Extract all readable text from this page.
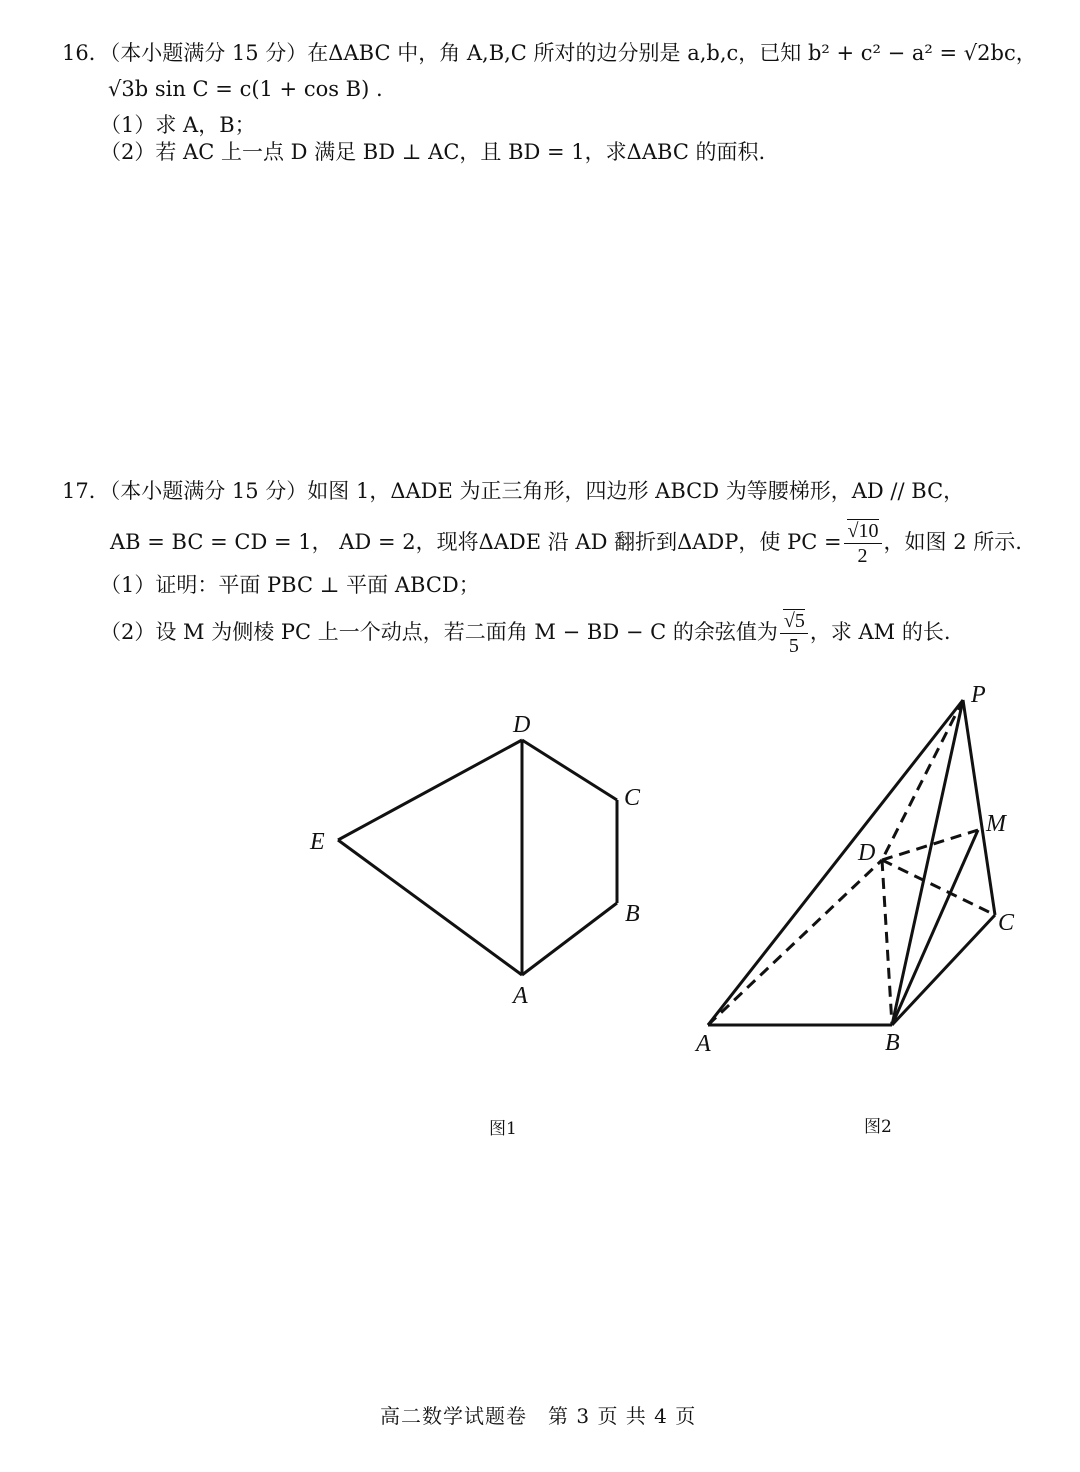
16．（本小题满分 15 分）在ΔABC 中，角 A,B,C 所对的边分别是 a,b,c，已知 b² + c² − a² = √2bc，
√3b sin C = c(1 + cos B) .
（1）求 A，B；
（2）若 AC 上一点 D 满足 BD ⊥ AC，且 BD = 1，求ΔABC 的面积.
17．（本小题满分 15 分）如图 1，ΔADE 为正三角形，四边形 ABCD 为等腰梯形，AD // BC，
AB = BC = CD = 1， AD = 2，现将ΔADE 沿 AD 翻折到ΔADP，使 PC = $\frac{√10}{2}$ ，如图 2 所示.
（1）证明：平面 PBC ⊥ 平面 ABCD；
（2）设 M 为侧棱 PC 上一个动点，若二面角 M − BD − C 的余弦值为 $\frac{√5}{5}$ ，求 AM 的长.
D
C
E
B
A
P
M
D
C
A	B
图1	图2
高二数学试题卷　第 3 页 共 4 页
